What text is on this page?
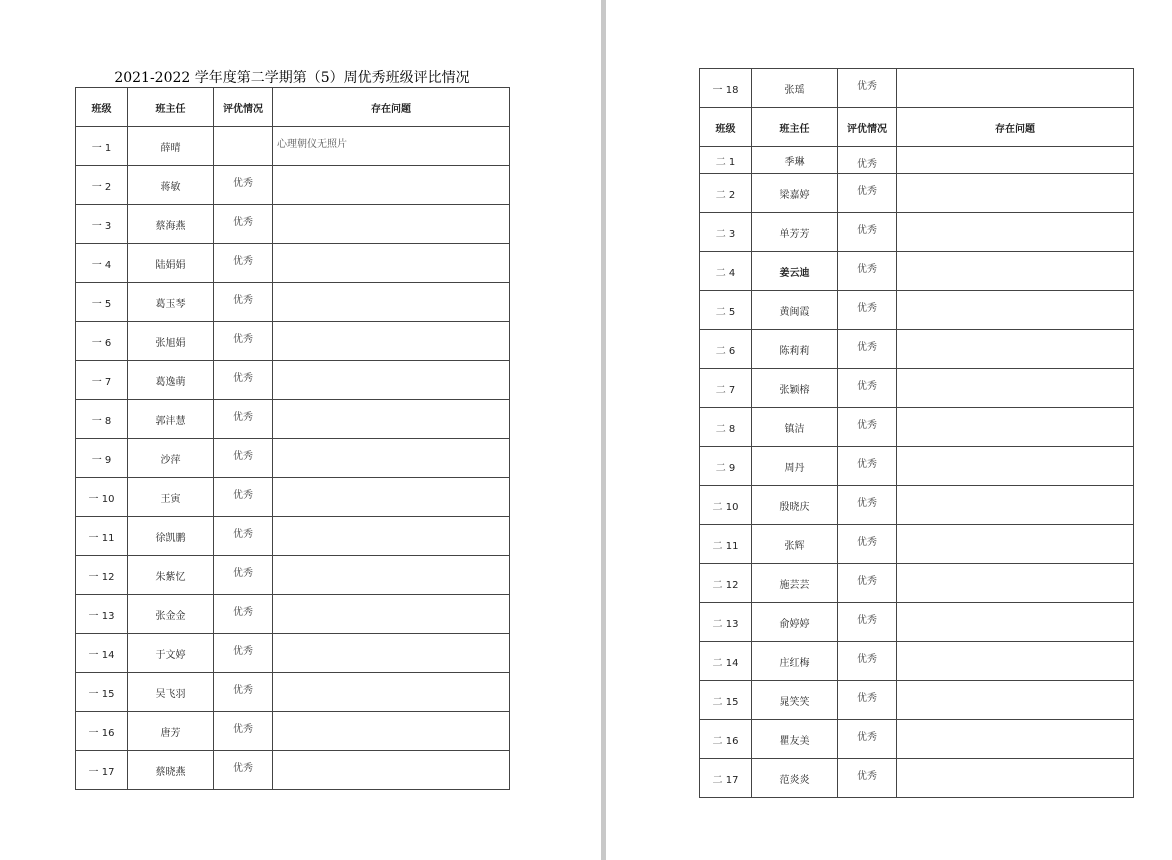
2021-2022 学年度第二学期第（5）周优秀班级评比情况
班级	班主任	评优情况	存在问题
一 1	薛晴		心理朝仪无照片
一 2	蒋敏	优秀	
一 3	蔡海燕	优秀	
一 4	陆娟娟	优秀	
一 5	葛玉琴	优秀	
一 6	张旭娟	优秀	
一 7	葛逸萌	优秀	
一 8	郭沣慧	优秀	
一 9	沙萍	优秀	
一 10	王寅	优秀	
一 11	徐凯鹏	优秀	
一 12	朱紫忆	优秀	
一 13	张金金	优秀	
一 14	于文婷	优秀	
一 15	吴飞羽	优秀	
一 16	唐芳	优秀	
一 17	蔡晓燕	优秀	
一 18	张瑶	优秀	
班级	班主任	评优情况	存在问题
二 1	季琳	优秀	
二 2	梁嘉婷	优秀	
二 3	单芳芳	优秀	
二 4	姜云迪	优秀	
二 5	黄闽霞	优秀	
二 6	陈莉莉	优秀	
二 7	张颖榕	优秀	
二 8	镇洁	优秀	
二 9	周丹	优秀	
二 10	殷晓庆	优秀	
二 11	张辉	优秀	
二 12	施芸芸	优秀	
二 13	俞婷婷	优秀	
二 14	庄红梅	优秀	
二 15	晁笑笑	优秀	
二 16	瞿友美	优秀	
二 17	范炎炎	优秀	
